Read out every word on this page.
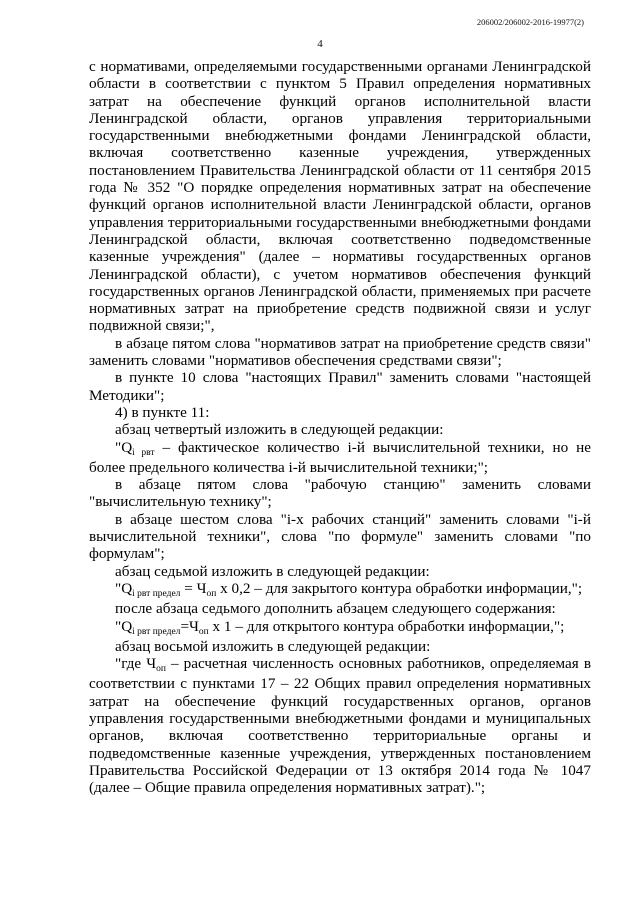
206002/206002-2016-19977(2)
4

с нормативами, определяемыми государственными органами Ленинградской области в соответствии с пунктом 5 Правил определения нормативных затрат на обеспечение функций органов исполнительной власти Ленинградской области, органов управления территориальными государственными внебюджетными фондами Ленинградской области, включая соответственно казенные учреждения, утвержденных постановлением Правительства Ленинградской области от 11 сентября 2015 года № 352 "О порядке определения нормативных затрат на обеспечение функций органов исполнительной власти Ленинградской области, органов управления территориальными государственными внебюджетными фондами Ленинградской области, включая соответственно подведомственные казенные учреждения" (далее – нормативы государственных органов Ленинградской области), с учетом нормативов обеспечения функций государственных органов Ленинградской области, применяемых при расчете нормативных затрат на приобретение средств подвижной связи и услуг подвижной связи;",

в абзаце пятом слова "нормативов затрат на приобретение средств связи" заменить словами "нормативов обеспечения средствами связи";

в пункте 10 слова "настоящих Правил" заменить словами "настоящей Методики";

4) в пункте 11:

абзац четвертый изложить в следующей редакции:

"Qi рвт – фактическое количество i-й вычислительной техники, но не более предельного количества i-й вычислительной техники;";

в абзаце пятом слова "рабочую станцию" заменить словами "вычислительную технику";

в абзаце шестом слова "i-х рабочих станций" заменить словами "i-й вычислительной техники", слова "по формуле" заменить словами "по формулам";

абзац седьмой изложить в следующей редакции:

"Qi рвт предел = Чоп x 0,2 – для закрытого контура обработки информации,";

после абзаца седьмого дополнить абзацем следующего содержания:

"Qi рвт предел=Чоп x 1 – для открытого контура обработки информации,";

абзац восьмой изложить в следующей редакции:

"где Чоп – расчетная численность основных работников, определяемая в соответствии с пунктами 17 – 22 Общих правил определения нормативных затрат на обеспечение функций государственных органов, органов управления государственными внебюджетными фондами и муниципальных органов, включая соответственно территориальные органы и подведомственные казенные учреждения, утвержденных постановлением Правительства Российской Федерации от 13 октября 2014 года № 1047 (далее – Общие правила определения нормативных затрат).";
